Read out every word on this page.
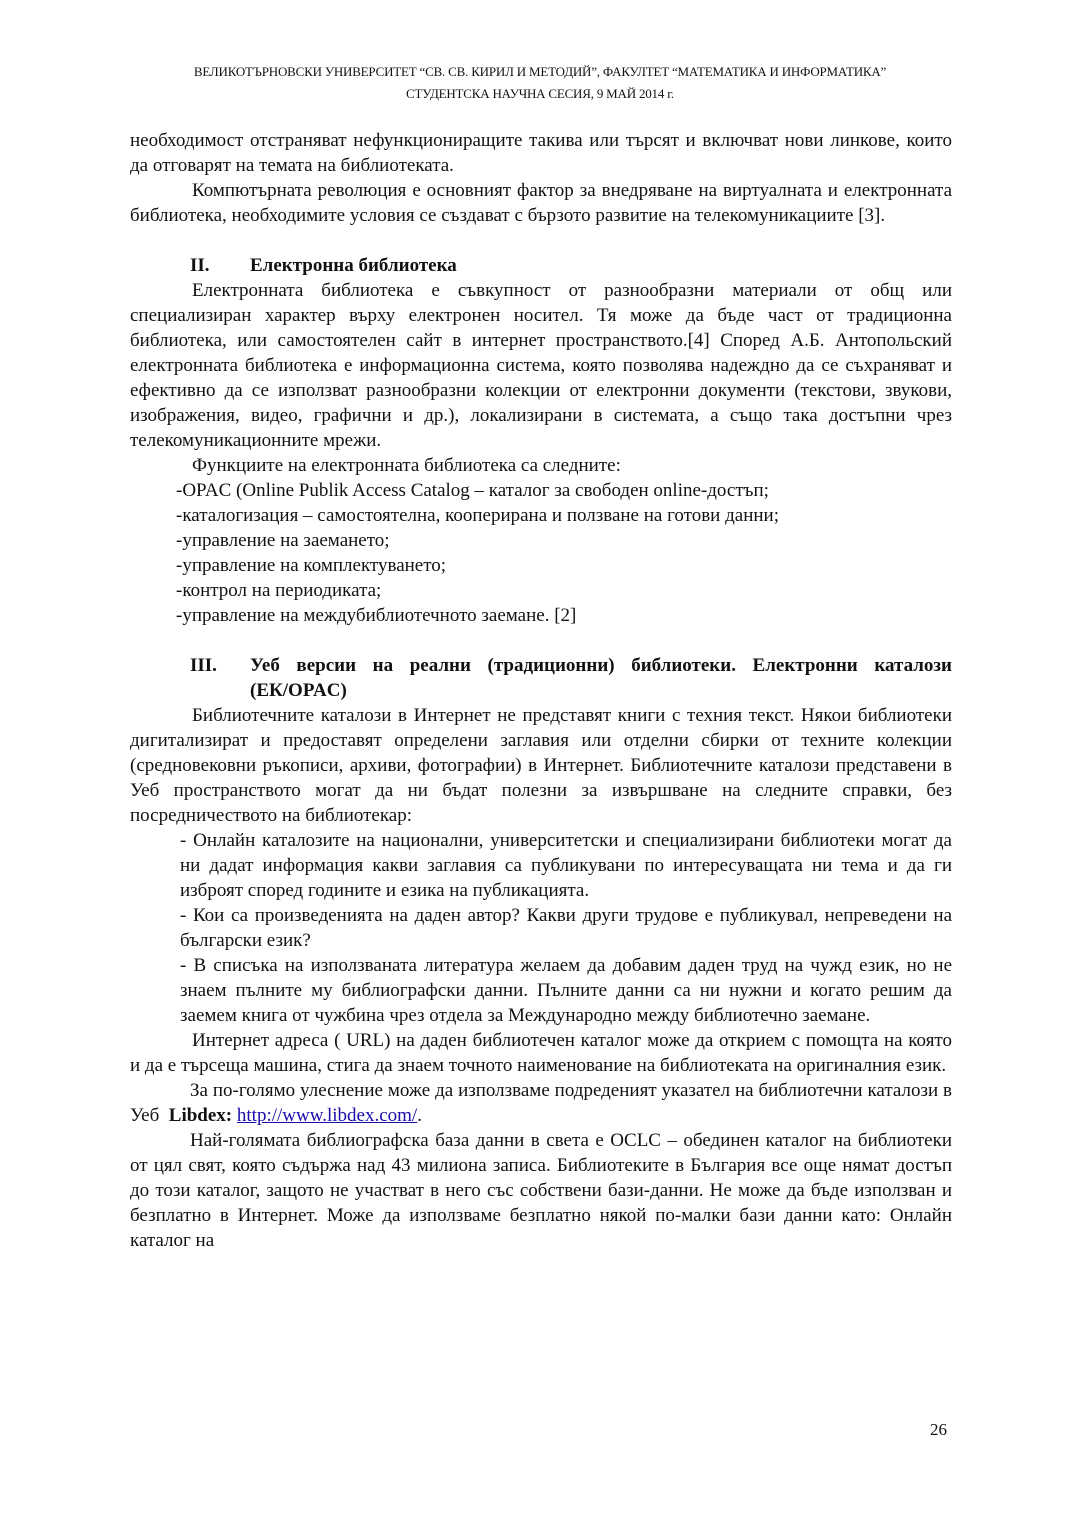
ВЕЛИКОТЪРНОВСКИ УНИВЕРСИТЕТ “СВ. СВ. КИРИЛ И МЕТОДИЙ”, ФАКУЛТЕТ “МАТЕМАТИКА И ИНФОРМАТИКА”
СТУДЕНТСКА НАУЧНА СЕСИЯ, 9 МАЙ 2014 г.

необходимост отстраняват нефункциониращите такива или търсят и включват нови линкове, които да отговарят на темата на библиотеката.

Компютърната революция е основният фактор за внедряване на виртуалната и електронната библиотека, необходимите условия се създават с бързото развитие на телекомуникациите [3].

II.	Електронна библиотека

Електронната библиотека е съвкупност от разнообразни материали от общ или специализиран характер върху електронен носител. Тя може да бъде част от традиционна библиотека, или самостоятелен сайт в интернет пространството.[4] Според А.Б. Антопольский електронната библиотека е информационна система, която позволява надеждно да се съхраняват и ефективно да се използват разнообразни колекции от електронни документи (текстови, звукови, изображения, видео, графични и др.), локализирани в системата, а също така достъпни чрез телекомуникационните мрежи.

Функциите на електронната библиотека са следните:

-OPAC (Online Publik Access Catalog – каталог за свободен online-достъп;
-каталогизация – самостоятелна, кооперирана и ползване на готови данни;
-управление на заемането;
-управление на комплектуването;
-контрол на периодиката;
-управление на междубиблиотечното заемане. [2]
III.	Уеб версии на реални (традиционни) библиотеки. Електронни каталози (ЕК/OPAC)

Библиотечните каталози в Интернет не представят книги с техния текст. Някои библиотеки дигитализират и предоставят определени заглавия или отделни сбирки от техните колекции (средновековни ръкописи, архиви, фотографии) в Интернет. Библиотечните каталози представени в Уеб пространството могат да ни бъдат полезни за извършване на следните справки, без посредничеството на библиотекар:

- Онлайн каталозите на национални, университетски и специализирани библиотеки могат да ни дадат информация какви заглавия са публикувани по интересуващата ни тема и да ги изброят според годините и езика на публикацията.

- Кои са произведенията на даден автор? Какви други трудове е публикувал, непреведени на български език?

- В списъка на използваната литература желаем да добавим даден труд на чужд език, но не знаем пълните му библиографски данни. Пълните данни са ни нужни и когато решим да заемем книга от чужбина чрез отдела за Международно между библиотечно заемане.

Интернет адреса ( URL) на даден библиотечен каталог може да открием с помощта на която и да е търсеща машина, стига да знаем точното наименование на библиотеката на оригиналния език.

За по-голямо улеснение може да използваме подреденият указател на библиотечни каталози в Уеб Libdex: http://www.libdex.com/.

Най-голямата библиографска база данни в света е OCLC – обединен каталог на библиотеки от цял свят, която съдържа над 43 милиона записа. Библиотеките в България все още нямат достъп до този каталог, защото не участват в него със собствени бази-данни. Не може да бъде използван и безплатно в Интернет. Може да използваме безплатно някой по-малки бази данни като: Онлайн каталог на

26
